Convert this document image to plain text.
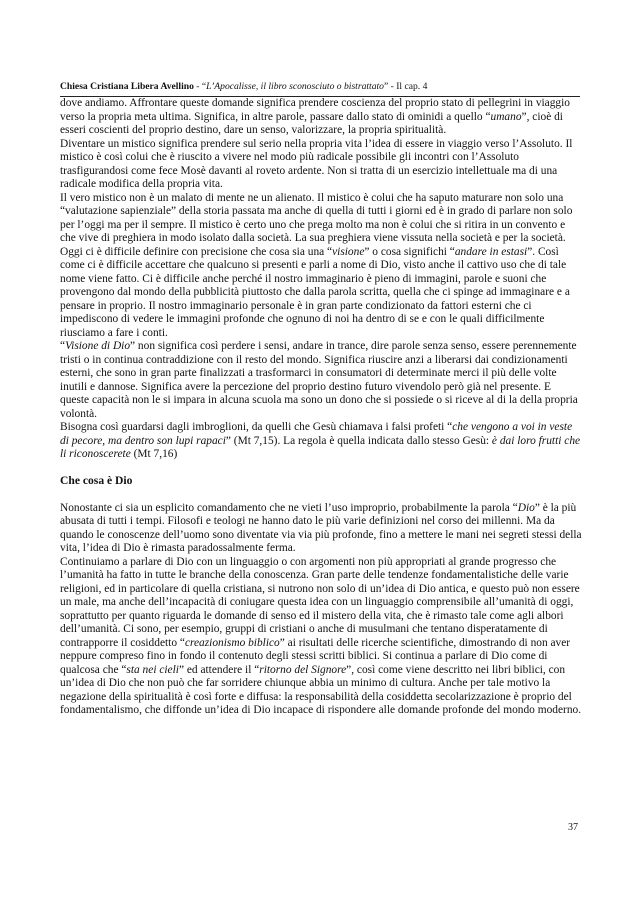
Chiesa Cristiana Libera Avellino - “L’Apocalisse, il libro sconosciuto o bistrattato” - Il cap. 4

dove andiamo. Affrontare queste domande significa prendere coscienza del proprio stato di pellegrini in viaggio verso la propria meta ultima. Significa, in altre parole, passare dallo stato di ominidi a quello “umano”, cioè di esseri coscienti del proprio destino, dare un senso, valorizzare, la propria spiritualità.

Diventare un mistico significa prendere sul serio nella propria vita l’idea di essere in viaggio verso l’Assoluto. Il mistico è così colui che è riuscito a vivere nel modo più radicale possibile gli incontri con l’Assoluto trasfigurandosi come fece Mosè davanti al roveto ardente. Non si tratta di un esercizio intellettuale ma di una radicale modifica della propria vita.

Il vero mistico non è un malato di mente ne un alienato. Il mistico è colui che ha saputo maturare non solo una “valutazione sapienziale” della storia passata ma anche di quella di tutti i giorni ed è in grado di parlare non solo per l’oggi ma per il sempre. Il mistico è certo uno che prega molto ma non è colui che si ritira in un convento e che vive di preghiera in modo isolato dalla società. La sua preghiera viene vissuta nella società e per la società.

Oggi ci è difficile definire con precisione che cosa sia una “visione” o cosa significhi “andare in estasi”. Così come ci è difficile accettare che qualcuno si presenti e parli a nome di Dio, visto anche il cattivo uso che di tale nome viene fatto. Ci è difficile anche perché il nostro immaginario è pieno di immagini, parole e suoni che provengono dal mondo della pubblicità piuttosto che dalla parola scritta, quella che ci spinge ad immaginare e a pensare in proprio. Il nostro immaginario personale è in gran parte condizionato da fattori esterni che ci impediscono di vedere le immagini profonde che ognuno di noi ha dentro di se e con le quali difficilmente riusciamo a fare i conti.

“Visione di Dio” non significa così perdere i sensi, andare in trance, dire parole senza senso, essere perennemente tristi o in continua contraddizione con il resto del mondo. Significa riuscire anzi a liberarsi dai condizionamenti esterni, che sono in gran parte finalizzati a trasformarci in consumatori di determinate merci il più delle volte inutili e dannose. Significa avere la percezione del proprio destino futuro vivendolo però già nel presente. E queste capacità non le si impara in alcuna scuola ma sono un dono che si possiede o si riceve al di la della propria volontà.

Bisogna così guardarsi dagli imbroglioni, da quelli che Gesù chiamava i falsi profeti “che vengono a voi in veste di pecore, ma dentro son lupi rapaci” (Mt 7,15). La regola è quella indicata dallo stesso Gesù: è dai loro frutti che li riconoscerete (Mt 7,16)

Che cosa è Dio

Nonostante ci sia un esplicito comandamento che ne vieti l’uso improprio, probabilmente la parola “Dio” è la più abusata di tutti i tempi. Filosofi e teologi ne hanno dato le più varie definizioni nel corso dei millenni. Ma da quando le conoscenze dell’uomo sono diventate via via più profonde, fino a mettere le mani nei segreti stessi della vita, l’idea di Dio è rimasta paradossalmente ferma.

Continuiamo a parlare di Dio con un linguaggio o con argomenti non più appropriati al grande progresso che l’umanità ha fatto in tutte le branche della conoscenza. Gran parte delle tendenze fondamentalistiche delle varie religioni, ed in particolare di quella cristiana, si nutrono non solo di un’idea di Dio antica, e questo può non essere un male, ma anche dell’incapacità di coniugare questa idea con un linguaggio comprensibile all’umanità di oggi, soprattutto per quanto riguarda le domande di senso ed il mistero della vita, che è rimasto tale come agli albori dell’umanità. Ci sono, per esempio, gruppi di cristiani o anche di musulmani che tentano disperatamente di contrapporre il cosiddetto “creazionismo biblico” ai risultati delle ricerche scientifiche, dimostrando di non aver neppure compreso fino in fondo il contenuto degli stessi scritti biblici. Si continua a parlare di Dio come di qualcosa che “sta nei cieli” ed attendere il “ritorno del Signore”, così come viene descritto nei libri biblici, con un’idea di Dio che non può che far sorridere chiunque abbia un minimo di cultura. Anche per tale motivo la negazione della spiritualità è così forte e diffusa: la responsabilità della cosiddetta secolarizzazione è proprio del fondamentalismo, che diffonde un’idea di Dio incapace di rispondere alle domande profonde del mondo moderno.

37
